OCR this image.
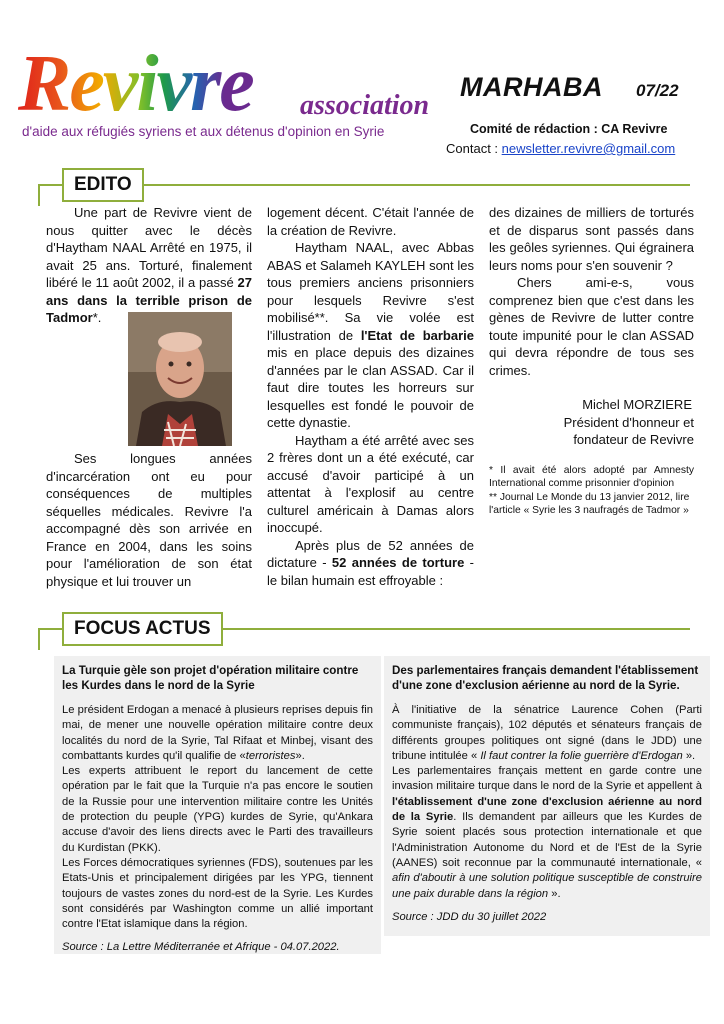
Revivre association
d'aide aux réfugiés syriens et aux détenus d'opinion en Syrie
MARHABA 07/22
Comité de rédaction : CA Revivre
Contact : newsletter.revivre@gmail.com
EDITO

Une part de Revivre vient de nous quitter avec le décès d'Haytham NAAL Arrêté en 1975, il avait 25 ans. Torturé, finalement libéré le 11 août 2002, il a passé 27 ans dans la terrible prison de Tadmor*.

Ses longues années d'incarcération ont eu pour conséquences de multiples séquelles médicales. Revivre l'a accompagné dès son arrivée en France en 2004, dans les soins pour l'amélioration de son état physique et lui trouver un

logement décent. C'était l'année de la création de Revivre.

Haytham NAAL, avec Abbas ABAS et Salameh KAYLEH sont les tous premiers anciens prisonniers pour lesquels Revivre s'est mobilisé**. Sa vie volée est l'illustration de l'Etat de barbarie mis en place depuis des dizaines d'années par le clan ASSAD. Car il faut dire toutes les horreurs sur lesquelles est fondé le pouvoir de cette dynastie.

Haytham a été arrêté avec ses 2 frères dont un a été exécuté, car accusé d'avoir participé à un attentat à l'explosif au centre culturel américain à Damas alors inoccupé.

Après plus de 52 années de dictature - 52 années de torture - le bilan humain est effroyable :

des dizaines de milliers de torturés et de disparus sont passés dans les geôles syriennes. Qui égrainera leurs noms pour s'en souvenir ?

Chers ami-e-s, vous comprenez bien que c'est dans les gènes de Revivre de lutter contre toute impunité pour le clan ASSAD qui devra répondre de tous ses crimes.

Michel MORZIERE

Président d'honneur et

fondateur de Revivre

* Il avait été alors adopté par Amnesty International comme prisonnier d'opinion

** Journal Le Monde du 13 janvier 2012, lire l'article « Syrie les 3 naufragés de Tadmor »

FOCUS ACTUS

La Turquie gèle son projet d'opération militaire contre les Kurdes dans le nord de la Syrie

Le président Erdogan a menacé à plusieurs reprises depuis fin mai, de mener une nouvelle opération militaire contre deux localités du nord de la Syrie, Tal Rifaat et Minbej, visant des combattants kurdes qu'il qualifie de «terroristes».

Les experts attribuent le report du lancement de cette opération par le fait que la Turquie n'a pas encore le soutien de la Russie pour une intervention militaire contre les Unités de protection du peuple (YPG) kurdes de Syrie, qu'Ankara accuse d'avoir des liens directs avec le Parti des travailleurs du Kurdistan (PKK).

Les Forces démocratiques syriennes (FDS), soutenues par les Etats-Unis et principalement dirigées par les YPG, tiennent toujours de vastes zones du nord-est de la Syrie. Les Kurdes sont considérés par Washington comme un allié important contre l'Etat islamique dans la région.

Source : La Lettre Méditerranée et Afrique - 04.07.2022.

Des parlementaires français demandent l'établissement d'une zone d'exclusion aérienne au nord de la Syrie.

À l'initiative de la sénatrice Laurence Cohen (Parti communiste français), 102 députés et sénateurs français de différents groupes politiques ont signé (dans le JDD) une tribune intitulée « Il faut contrer la folie guerrière d'Erdogan ».

Les parlementaires français mettent en garde contre une invasion militaire turque dans le nord de la Syrie et appellent à l'établissement d'une zone d'exclusion aérienne au nord de la Syrie. Ils demandent par ailleurs que les Kurdes de Syrie soient placés sous protection internationale et que l'Administration Autonome du Nord et de l'Est de la Syrie (AANES) soit reconnue par la communauté internationale, « afin d'aboutir à une solution politique susceptible de construire une paix durable dans la région ».

Source : JDD du 30 juillet 2022
